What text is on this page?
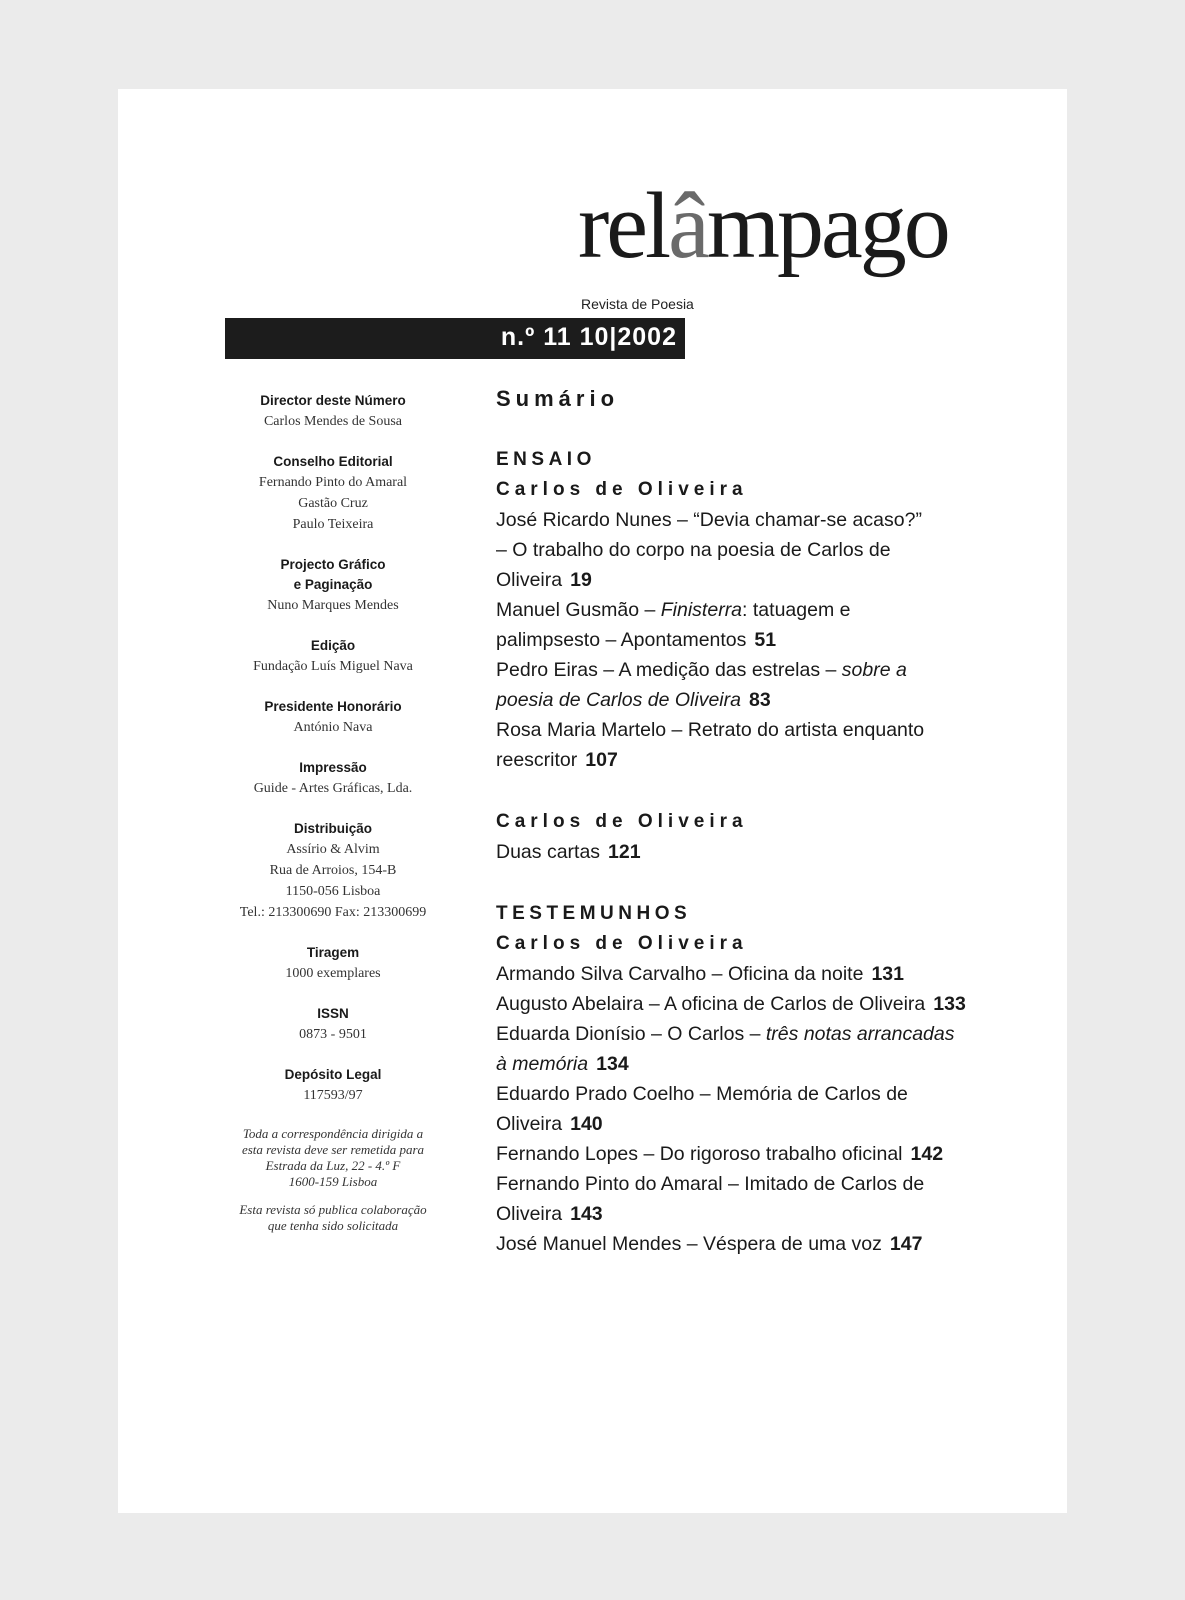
relâmpago
Revista de Poesia
n.º 11 10|2002
Director deste Número
Carlos Mendes de Sousa
Conselho Editorial
Fernando Pinto do Amaral
Gastão Cruz
Paulo Teixeira
Projecto Gráfico
e Paginação
Nuno Marques Mendes
Edição
Fundação Luís Miguel Nava
Presidente Honorário
António Nava
Impressão
Guide - Artes Gráficas, Lda.
Distribuição
Assírio & Alvim
Rua de Arroios, 154-B
1150-056 Lisboa
Tel.: 213300690 Fax: 213300699
Tiragem
1000 exemplares
ISSN
0873 - 9501
Depósito Legal
117593/97
Toda a correspondência dirigida a
esta revista deve ser remetida para
Estrada da Luz, 22 - 4.º F
1600-159 Lisboa
Esta revista só publica colaboração
que tenha sido solicitada
Sumário
ENSAIO
Carlos de Oliveira
José Ricardo Nunes – “Devia chamar-se acaso?”
– O trabalho do corpo na poesia de Carlos de
Oliveira 19
Manuel Gusmão – Finisterra: tatuagem e
palimpsesto – Apontamentos 51
Pedro Eiras – A medição das estrelas – sobre a
poesia de Carlos de Oliveira 83
Rosa Maria Martelo – Retrato do artista enquanto
reescritor 107
Carlos de Oliveira
Duas cartas 121
TESTEMUNHOS
Carlos de Oliveira
Armando Silva Carvalho – Oficina da noite 131
Augusto Abelaira – A oficina de Carlos de Oliveira 133
Eduarda Dionísio – O Carlos – três notas arrancadas
à memória 134
Eduardo Prado Coelho – Memória de Carlos de
Oliveira 140
Fernando Lopes – Do rigoroso trabalho oficinal 142
Fernando Pinto do Amaral – Imitado de Carlos de
Oliveira 143
José Manuel Mendes – Véspera de uma voz 147
